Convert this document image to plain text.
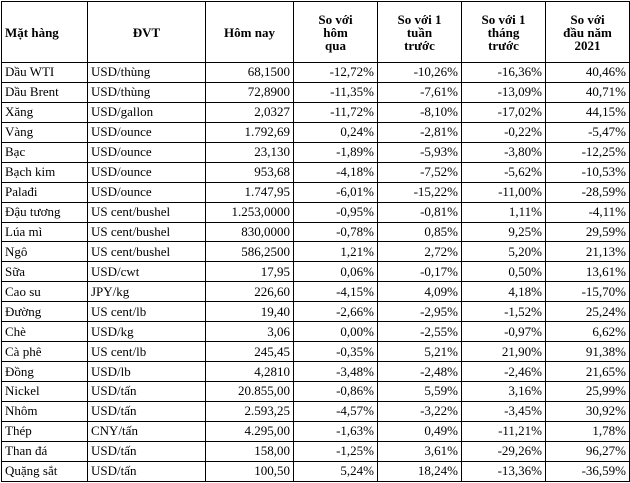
Mặt hàng	ĐVT	Hôm nay	So với
hôm
qua	So với 1
tuần
trước	So với 1
tháng
trước	So với
đầu năm
2021

Dầu WTI	USD/thùng	68,1500	-12,72%	-10,26%	-16,36%	40,46%
Dầu Brent	USD/thùng	72,8900	-11,35%	-7,61%	-13,09%	40,71%
Xăng	USD/gallon	2,0327	-11,72%	-8,10%	-17,02%	44,15%
Vàng	USD/ounce	1.792,69	0,24%	-2,81%	-0,22%	-5,47%
Bạc	USD/ounce	23,130	-1,89%	-5,93%	-3,80%	-12,25%
Bạch kim	USD/ounce	953,68	-4,18%	-7,52%	-5,62%	-10,53%
Palađi	USD/ounce	1.747,95	-6,01%	-15,22%	-11,00%	-28,59%
Đậu tương	US cent/bushel	1.253,0000	-0,95%	-0,81%	1,11%	-4,11%
Lúa mì	US cent/bushel	830,0000	-0,78%	0,85%	9,25%	29,59%
Ngô	US cent/bushel	586,2500	1,21%	2,72%	5,20%	21,13%
Sữa	USD/cwt	17,95	0,06%	-0,17%	0,50%	13,61%
Cao su	JPY/kg	226,60	-4,15%	4,09%	4,18%	-15,70%
Đường	US cent/lb	19,40	-2,66%	-2,95%	-1,52%	25,24%
Chè	USD/kg	3,06	0,00%	-2,55%	-0,97%	6,62%
Cà phê	US cent/lb	245,45	-0,35%	5,21%	21,90%	91,38%
Đồng	USD/lb	4,2810	-3,48%	-2,48%	-2,46%	21,65%
Nickel	USD/tấn	20.855,00	-0,86%	5,59%	3,16%	25,99%
Nhôm	USD/tấn	2.593,25	-4,57%	-3,22%	-3,45%	30,92%
Thép	CNY/tấn	4.295,00	-1,63%	0,49%	-11,21%	1,78%
Than đá	USD/tấn	158,00	-1,25%	3,61%	-29,26%	96,27%
Quặng sắt	USD/tấn	100,50	5,24%	18,24%	-13,36%	-36,59%
